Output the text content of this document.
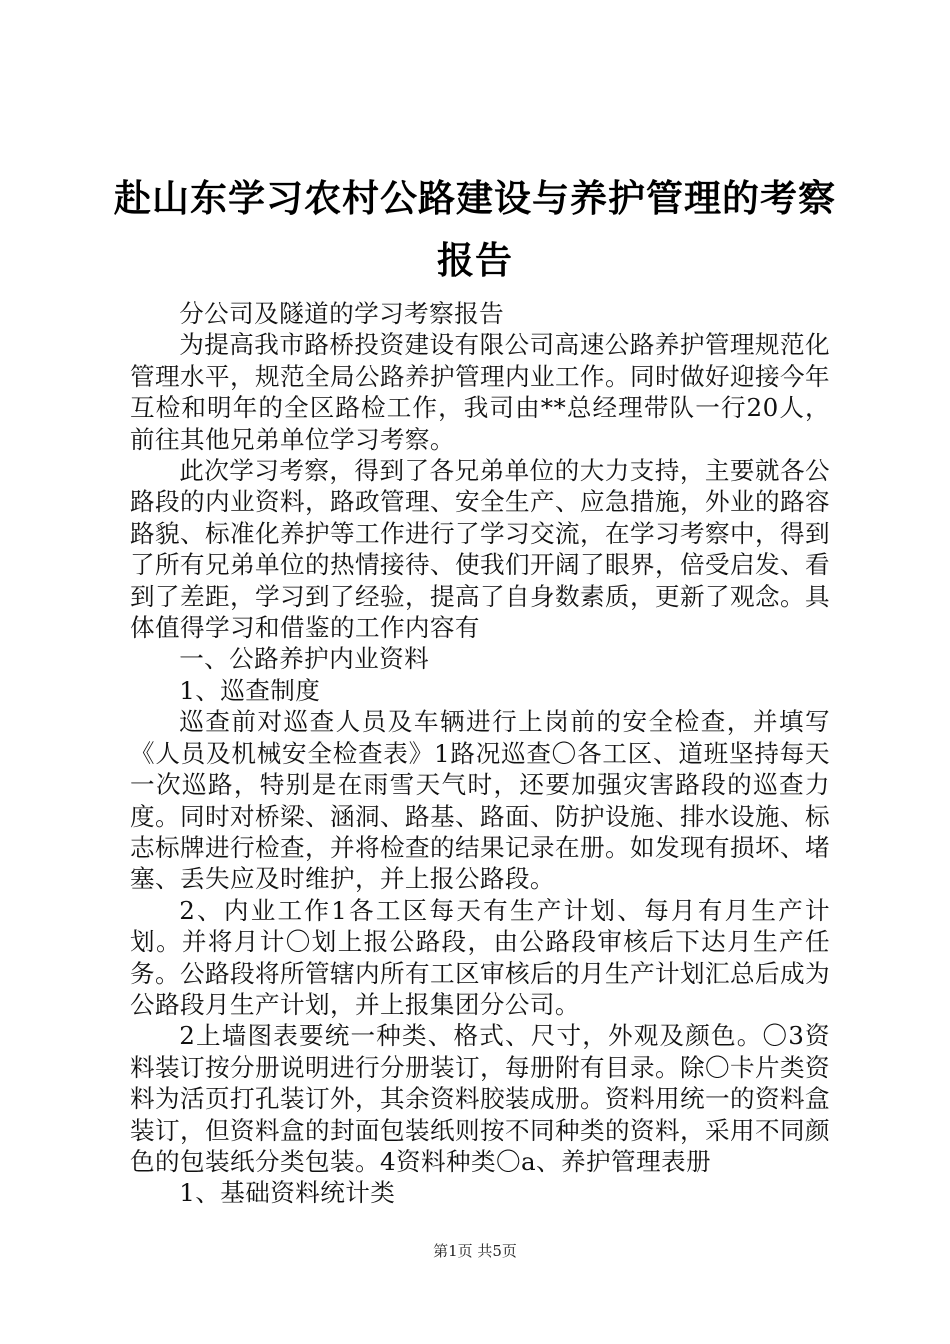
赴山东学习农村公路建设与养护管理的考察报告

分公司及隧道的学习考察报告

为提高我市路桥投资建设有限公司高速公路养护管理规范化管理水平，规范全局公路养护管理内业工作。同时做好迎接今年互检和明年的全区路检工作，我司由**总经理带队一行20人，前往其他兄弟单位学习考察。

此次学习考察，得到了各兄弟单位的大力支持，主要就各公路段的内业资料，路政管理、安全生产、应急措施，外业的路容路貌、标准化养护等工作进行了学习交流，在学习考察中，得到了所有兄弟单位的热情接待、使我们开阔了眼界，倍受启发、看到了差距，学习到了经验，提高了自身数素质，更新了观念。具体值得学习和借鉴的工作内容有

一、公路养护内业资料

1、巡查制度

巡查前对巡查人员及车辆进行上岗前的安全检查，并填写《人员及机械安全检查表》1路况巡查〇各工区、道班坚持每天一次巡路，特别是在雨雪天气时，还要加强灾害路段的巡查力度。同时对桥梁、涵洞、路基、路面、防护设施、排水设施、标志标牌进行检查，并将检查的结果记录在册。如发现有损坏、堵塞、丢失应及时维护，并上报公路段。

2、内业工作1各工区每天有生产计划、每月有月生产计划。并将月计〇划上报公路段，由公路段审核后下达月生产任务。公路段将所管辖内所有工区审核后的月生产计划汇总后成为公路段月生产计划，并上报集团分公司。

2上墙图表要统一种类、格式、尺寸，外观及颜色。〇3资料装订按分册说明进行分册装订，每册附有目录。除〇卡片类资料为活页打孔装订外，其余资料胶装成册。资料用统一的资料盒装订，但资料盒的封面包装纸则按不同种类的资料，采用不同颜色的包装纸分类包装。4资料种类〇a、养护管理表册

1、基础资料统计类

第1页 共5页
